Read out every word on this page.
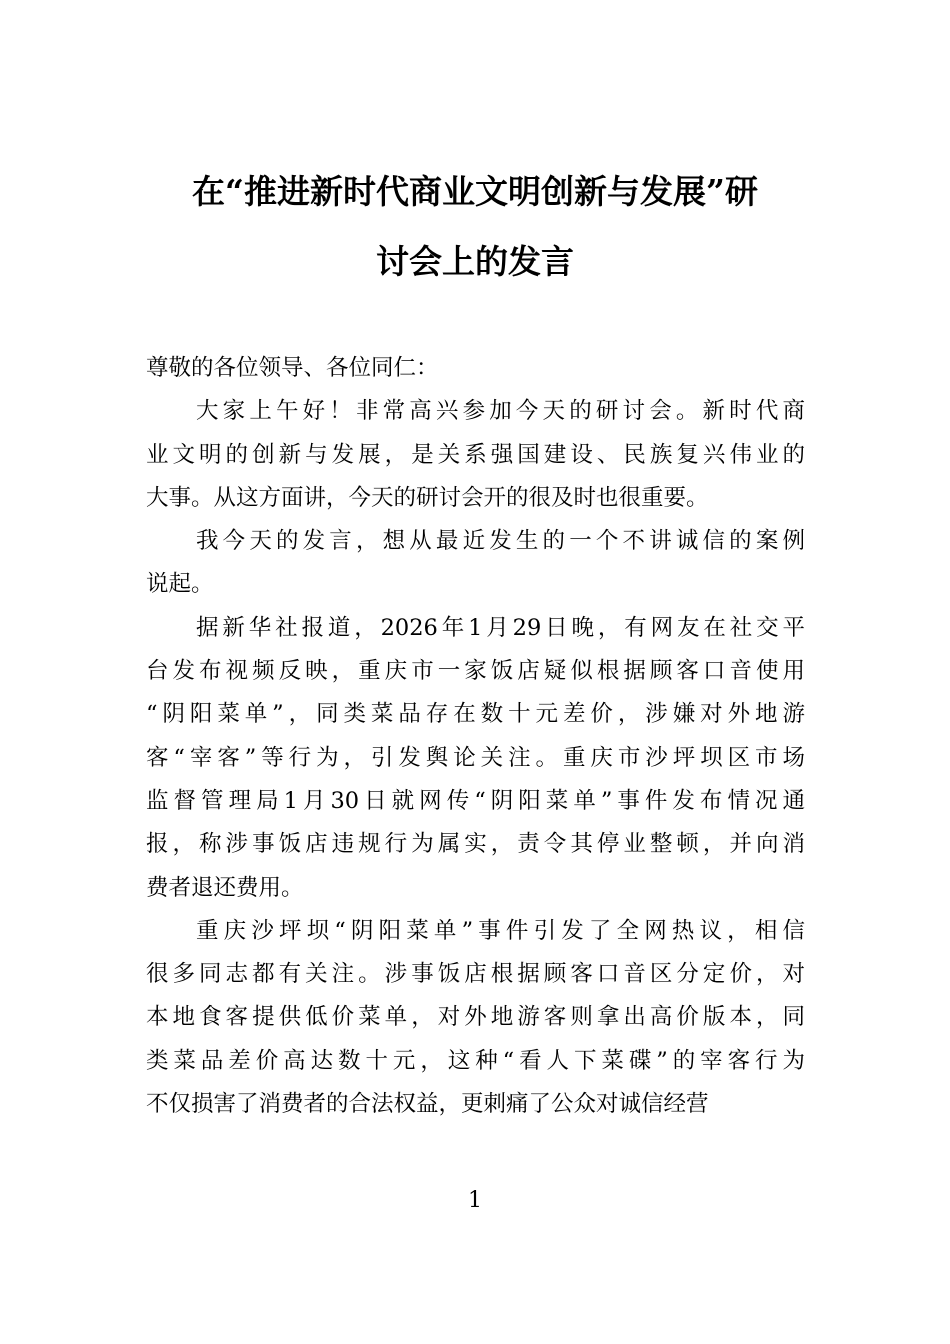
在“推进新时代商业文明创新与发展”研
讨会上的发言
尊敬的各位领导、各位同仁：
大家上午好！非常高兴参加今天的研讨会。新时代商
业文明的创新与发展，是关系强国建设、民族复兴伟业的
大事。从这方面讲，今天的研讨会开的很及时也很重要。
我今天的发言，想从最近发生的一个不讲诚信的案例
说起。
据新华社报道，2026年1月29日晚，有网友在社交平
台发布视频反映，重庆市一家饭店疑似根据顾客口音使用
“阴阳菜单”，同类菜品存在数十元差价，涉嫌对外地游
客“宰客”等行为，引发舆论关注。重庆市沙坪坝区市场
监督管理局1月30日就网传“阴阳菜单”事件发布情况通
报，称涉事饭店违规行为属实，责令其停业整顿，并向消
费者退还费用。
重庆沙坪坝“阴阳菜单”事件引发了全网热议，相信
很多同志都有关注。涉事饭店根据顾客口音区分定价，对
本地食客提供低价菜单，对外地游客则拿出高价版本，同
类菜品差价高达数十元，这种“看人下菜碟”的宰客行为
不仅损害了消费者的合法权益，更刺痛了公众对诚信经营
1
